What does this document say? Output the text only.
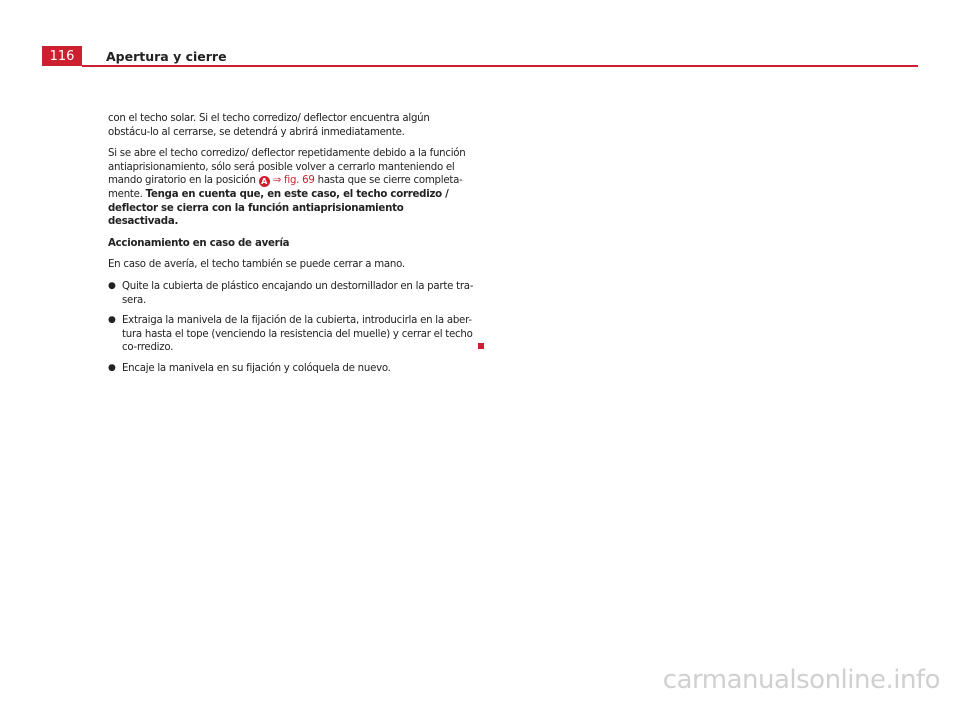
116	Apertura y cierre

con el techo solar. Si el techo corredizo/ deflector encuentra algún obstácu-lo al cerrarse, se detendrá y abrirá inmediatamente.

Si se abre el techo corredizo/ deflector repetidamente debido a la función antiaprisionamiento, sólo será posible volver a cerrarlo manteniendo el mando giratorio en la posición A ⇒ fig. 69 hasta que se cierre completa-mente. Tenga en cuenta que, en este caso, el techo corredizo / deflector se cierra con la función antiaprisionamiento desactivada.

Accionamiento en caso de avería

En caso de avería, el techo también se puede cerrar a mano.

● Quite la cubierta de plástico encajando un destornillador en la parte tra-sera.
● Extraiga la manivela de la fijación de la cubierta, introducirla en la aber-tura hasta el tope (venciendo la resistencia del muelle) y cerrar el techo co-rredizo.
● Encaje la manivela en su fijación y colóquela de nuevo.
carmanualsonline.info
